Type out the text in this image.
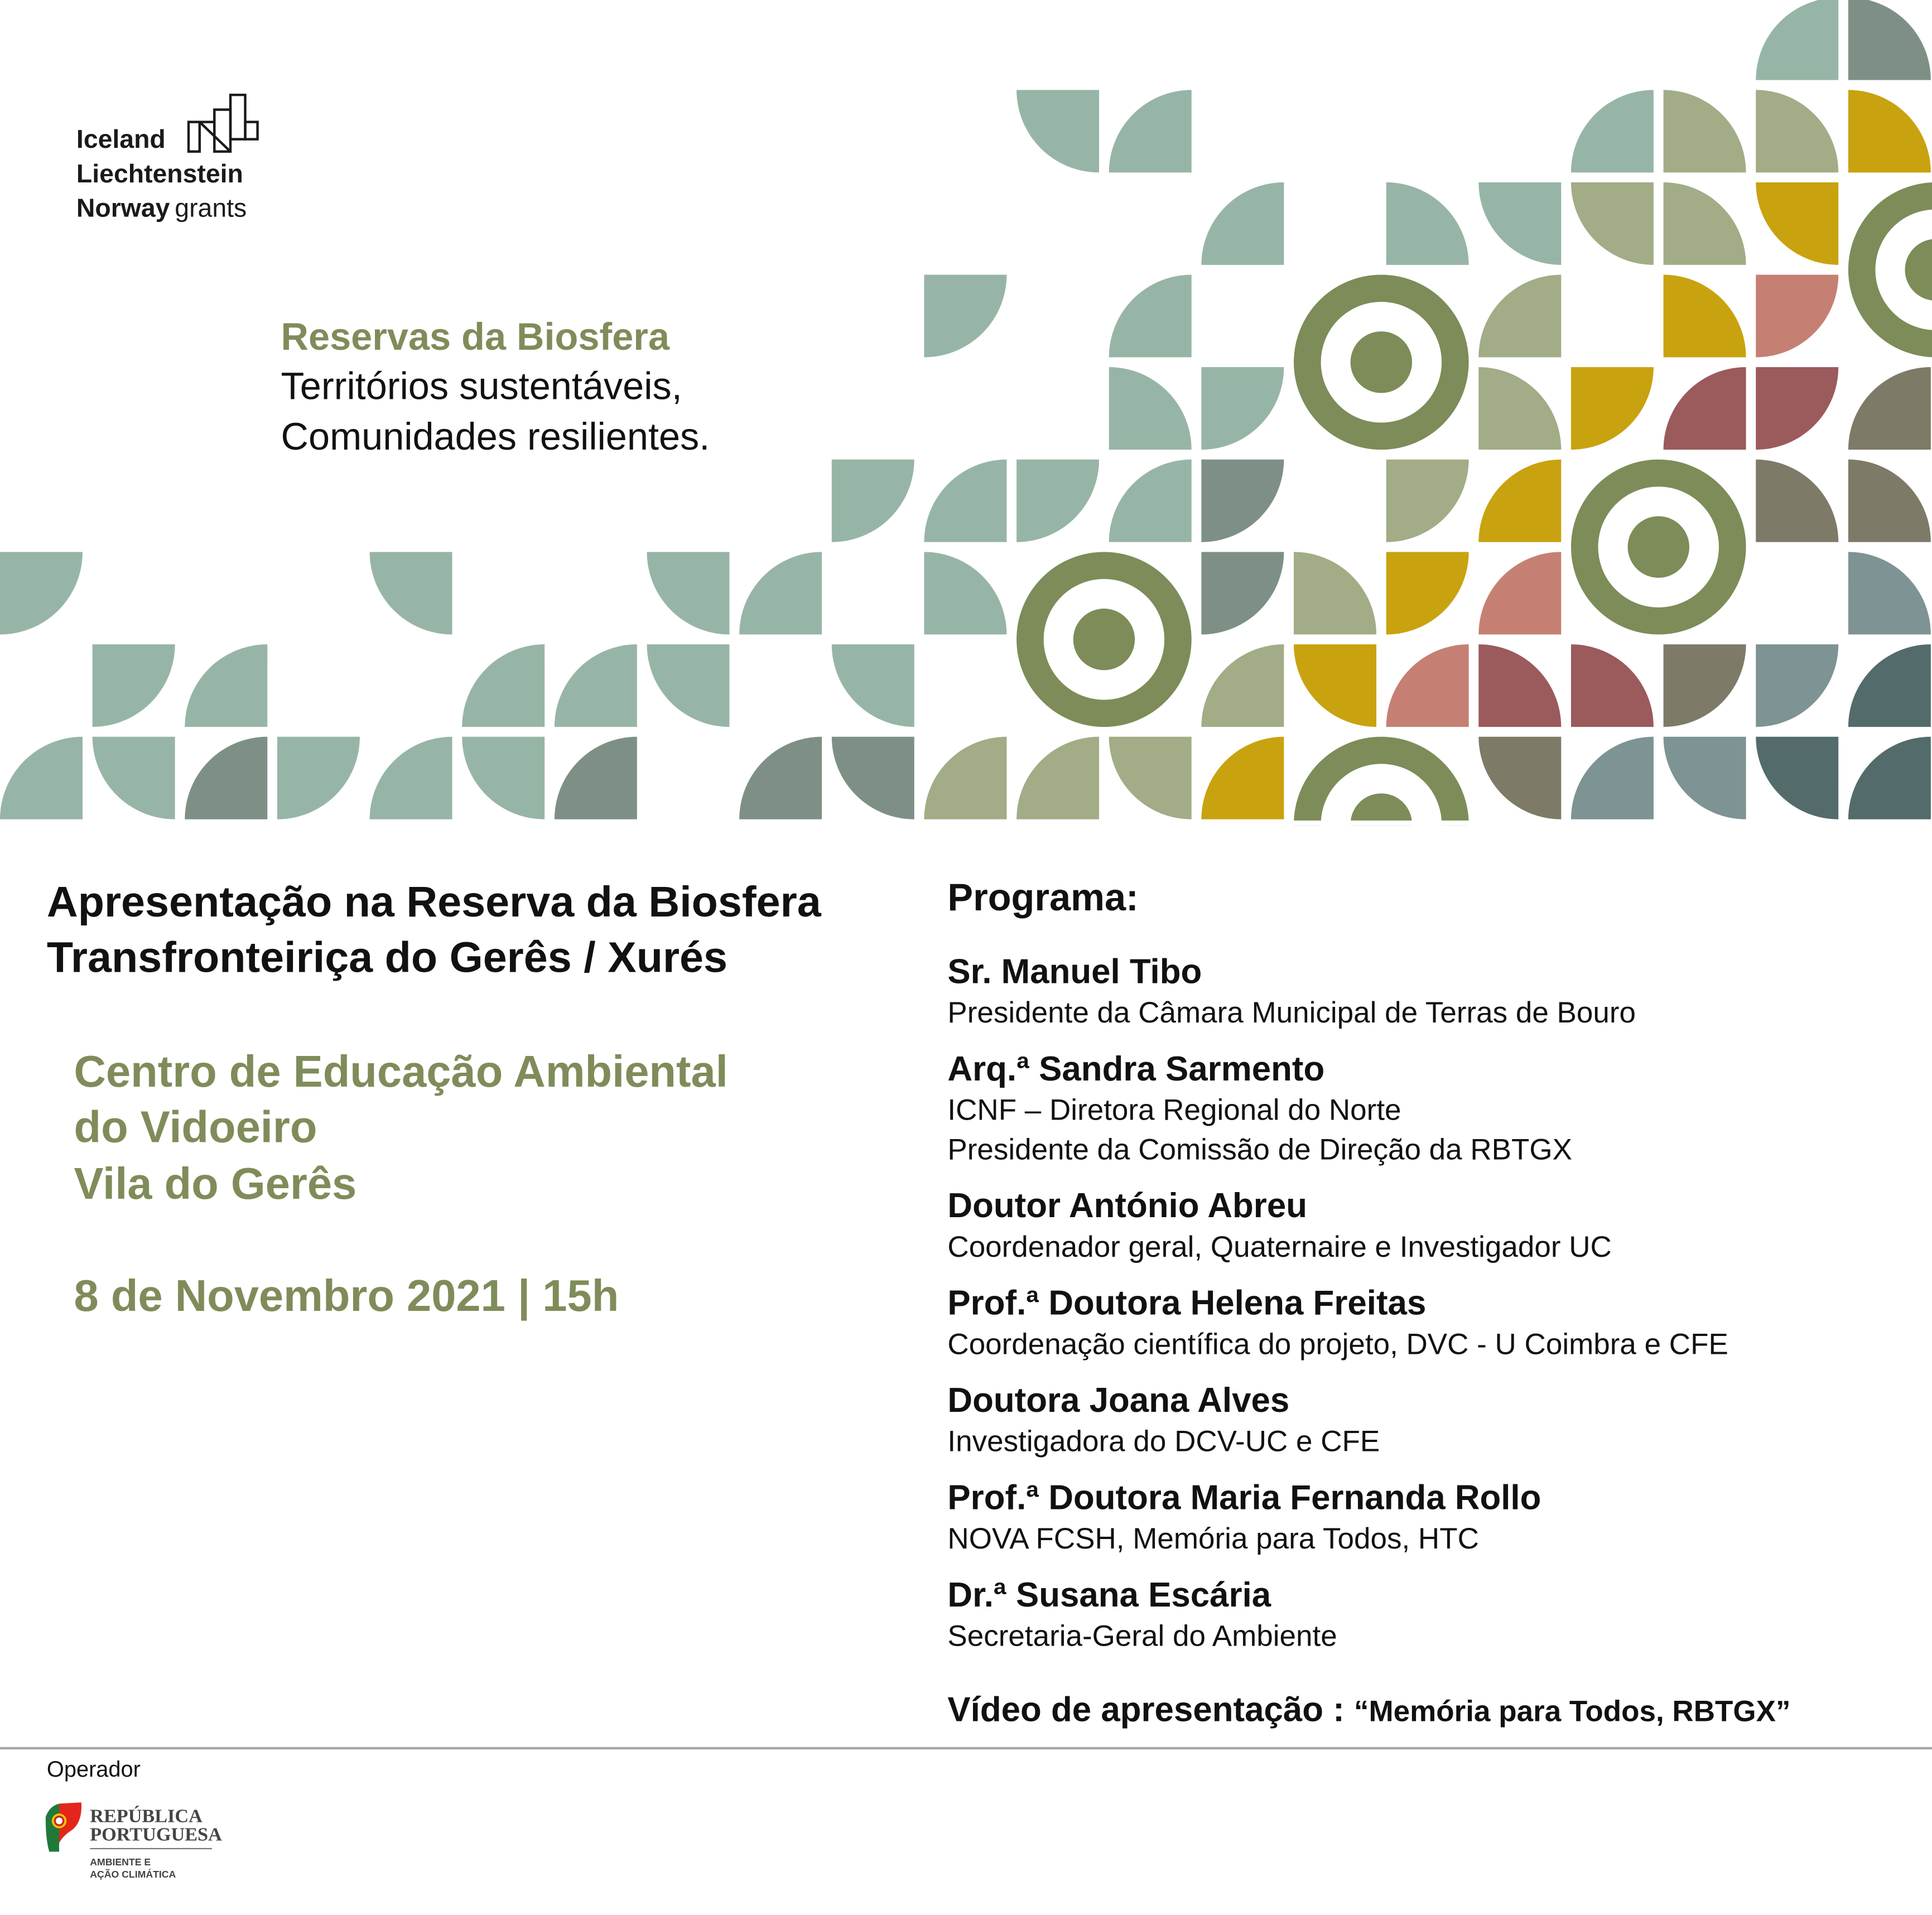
Iceland
Liechtenstein
Norway grants
Reservas da Biosfera
Territórios sustentáveis,
Comunidades resilientes.
Apresentação na Reserva da Biosfera
Transfronteiriça do Gerês / Xurés
Centro de Educação Ambiental
do Vidoeiro
Vila do Gerês
8 de Novembro 2021 | 15h
Programa:
Sr. Manuel Tibo
Presidente da Câmara Municipal de Terras de Bouro
Arq.ª Sandra Sarmento
ICNF – Diretora Regional do Norte
Presidente da Comissão de Direção da RBTGX
Doutor António Abreu
Coordenador geral, Quaternaire e Investigador UC
Prof.ª Doutora Helena Freitas
Coordenação científica do projeto, DVC - U Coimbra e CFE
Doutora Joana Alves
Investigadora do DCV-UC e CFE
Prof.ª Doutora Maria Fernanda Rollo
NOVA FCSH, Memória para Todos, HTC
Dr.ª Susana Escária
Secretaria-Geral do Ambiente
Vídeo de apresentação : “Memória para Todos, RBTGX”
Operador
REPÚBLICA
PORTUGUESA
AMBIENTE E
AÇÃO CLIMÁTICA
